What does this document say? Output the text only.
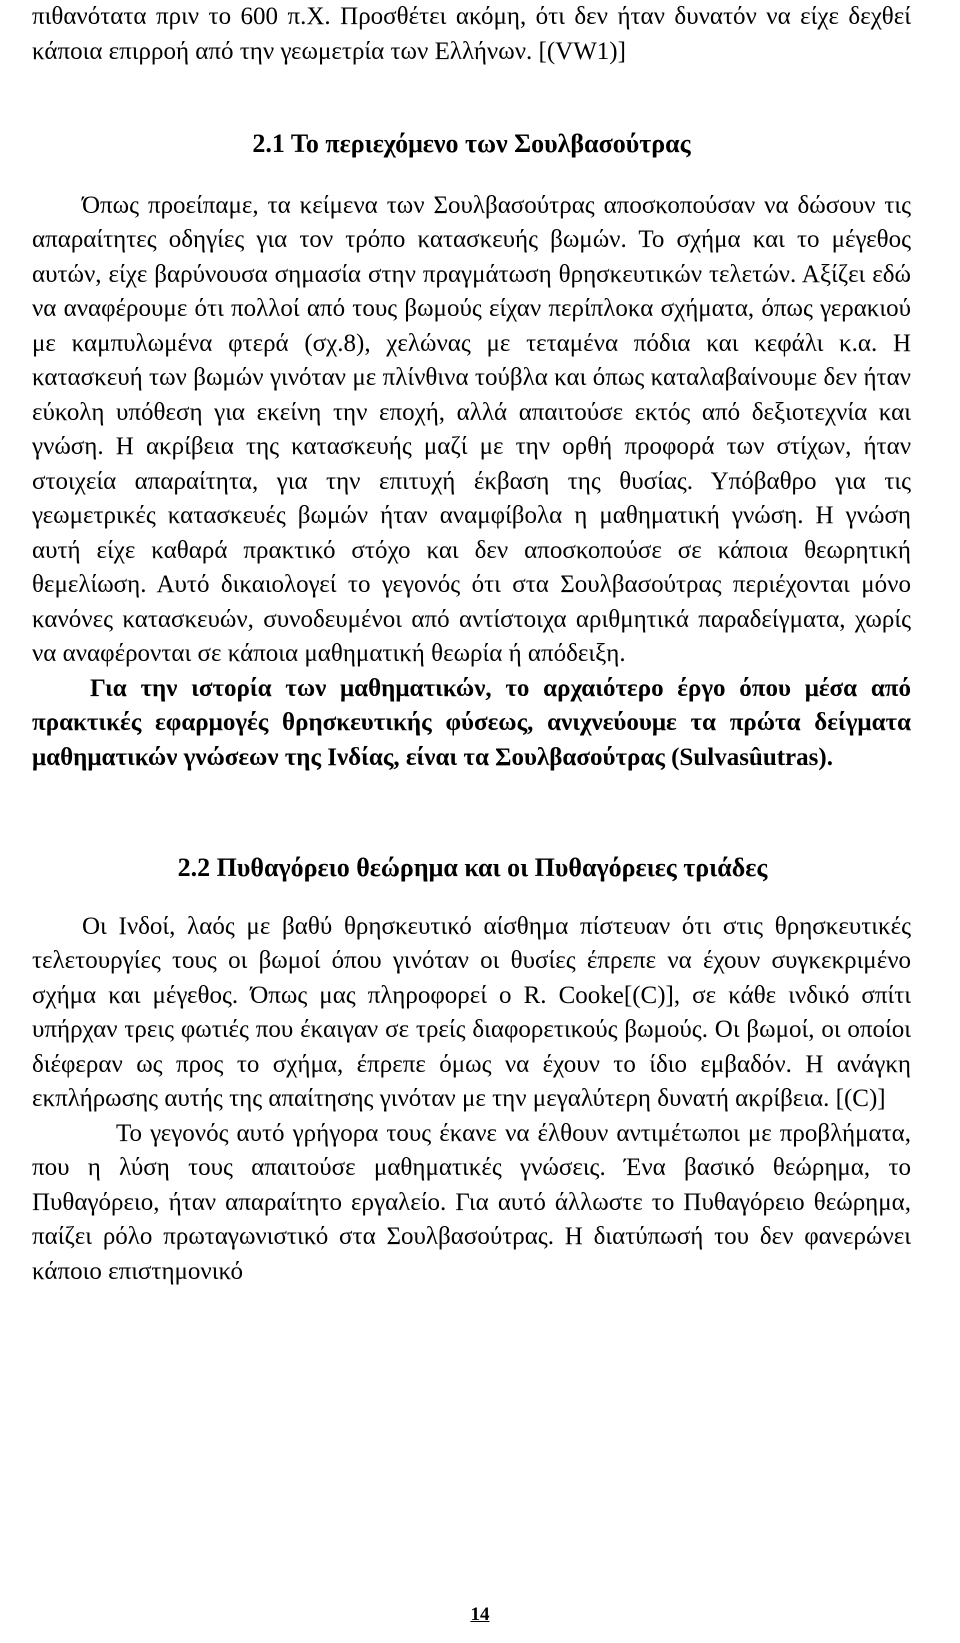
πιθανότατα πριν το 600 π.Χ. Προσθέτει ακόμη, ότι δεν ήταν δυνατόν να είχε δεχθεί κάποια επιρροή από την γεωμετρία των Ελλήνων. [(VW1)]

2.1 Το περιεχόμενο των Σουλβασούτρας

Όπως προείπαμε, τα κείμενα των Σουλβασούτρας αποσκοπούσαν να δώσουν τις απαραίτητες οδηγίες για τον τρόπο κατασκευής βωμών. Το σχήμα και το μέγεθος αυτών, είχε βαρύνουσα σημασία στην πραγμάτωση θρησκευτικών τελετών. Αξίζει εδώ να αναφέρουμε ότι πολλοί από τους βωμούς είχαν περίπλοκα σχήματα, όπως γερακιού με καμπυλωμένα φτερά (σχ.8), χελώνας με τεταμένα πόδια και κεφάλι κ.α. Η κατασκευή των βωμών γινόταν με πλίνθινα τούβλα και όπως καταλαβαίνουμε δεν ήταν εύκολη υπόθεση για εκείνη την εποχή, αλλά απαιτούσε εκτός από δεξιοτεχνία και γνώση. Η ακρίβεια της κατασκευής μαζί με την ορθή προφορά των στίχων, ήταν στοιχεία απαραίτητα, για την επιτυχή έκβαση της θυσίας. Υπόβαθρο για τις γεωμετρικές κατασκευές βωμών ήταν αναμφίβολα η μαθηματική γνώση. Η γνώση αυτή είχε καθαρά πρακτικό στόχο και δεν αποσκοπούσε σε κάποια θεωρητική θεμελίωση. Αυτό δικαιολογεί το γεγονός ότι στα Σουλβασούτρας περιέχονται μόνο κανόνες κατασκευών, συνοδευμένοι από αντίστοιχα αριθμητικά παραδείγματα, χωρίς να αναφέρονται σε κάποια μαθηματική θεωρία ή απόδειξη.

Για την ιστορία των μαθηματικών, το αρχαιότερο έργο όπου μέσα από πρακτικές εφαρμογές θρησκευτικής φύσεως, ανιχνεύουμε τα πρώτα δείγματα μαθηματικών γνώσεων της Ινδίας, είναι τα Σουλβασούτρας (Sulvasûutras).

2.2 Πυθαγόρειο θεώρημα και οι Πυθαγόρειες τριάδες

Οι Ινδοί, λαός με βαθύ θρησκευτικό αίσθημα πίστευαν ότι στις θρησκευτικές τελετουργίες τους οι βωμοί όπου γινόταν οι θυσίες έπρεπε να έχουν συγκεκριμένο σχήμα και μέγεθος. Όπως μας πληροφορεί ο R. Cooke[(C)], σε κάθε ινδικό σπίτι υπήρχαν τρεις φωτιές που έκαιγαν σε τρείς διαφορετικούς βωμούς. Οι βωμοί, οι οποίοι διέφεραν ως προς το σχήμα, έπρεπε όμως να έχουν το ίδιο εμβαδόν. Η ανάγκη εκπλήρωσης αυτής της απαίτησης γινόταν με την μεγαλύτερη δυνατή ακρίβεια. [(C)]

Το γεγονός αυτό γρήγορα τους έκανε να έλθουν αντιμέτωποι με προβλήματα, που η λύση τους απαιτούσε μαθηματικές γνώσεις. Ένα βασικό θεώρημα, το Πυθαγόρειο, ήταν απαραίτητο εργαλείο. Για αυτό άλλωστε το Πυθαγόρειο θεώρημα, παίζει ρόλο πρωταγωνιστικό στα Σουλβασούτρας. Η διατύπωσή του δεν φανερώνει κάποιο επιστημονικό

14
